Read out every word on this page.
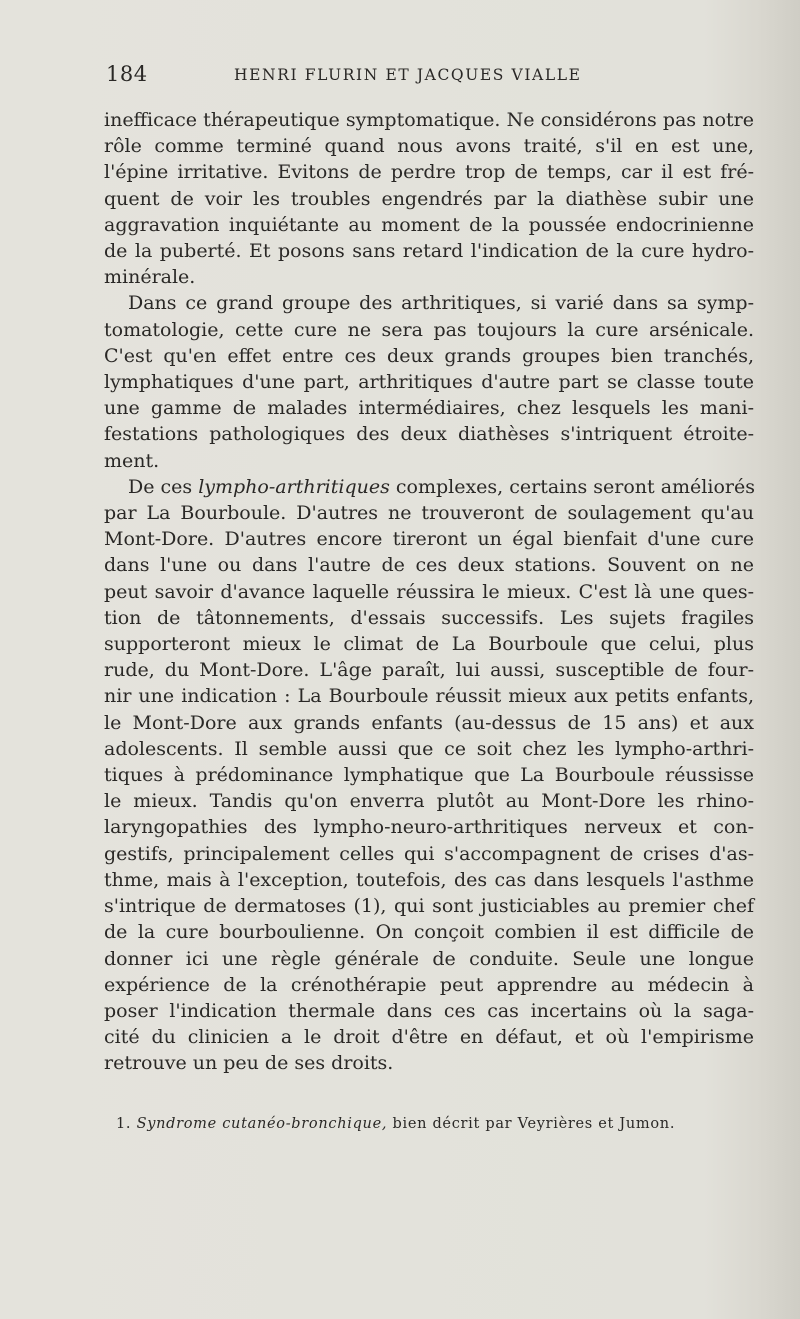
184	HENRI FLURIN ET JACQUES VIALLE

inefficace thérapeutique symptomatique. Ne considérons pas notre
rôle comme terminé quand nous avons traité, s'il en est une,
l'épine irritative. Evitons de perdre trop de temps, car il est fré-
quent de voir les troubles engendrés par la diathèse subir une
aggravation inquiétante au moment de la poussée endocrinienne
de la puberté. Et posons sans retard l'indication de la cure hydro-
minérale.

Dans ce grand groupe des arthritiques, si varié dans sa symp-
tomatologie, cette cure ne sera pas toujours la cure arsénicale.
C'est qu'en effet entre ces deux grands groupes bien tranchés,
lymphatiques d'une part, arthritiques d'autre part se classe toute
une gamme de malades intermédiaires, chez lesquels les mani-
festations pathologiques des deux diathèses s'intriquent étroite-
ment.

De ces lympho-arthritiques complexes, certains seront améliorés
par La Bourboule. D'autres ne trouveront de soulagement qu'au
Mont-Dore. D'autres encore tireront un égal bienfait d'une cure
dans l'une ou dans l'autre de ces deux stations. Souvent on ne
peut savoir d'avance laquelle réussira le mieux. C'est là une ques-
tion de tâtonnements, d'essais successifs. Les sujets fragiles
supporteront mieux le climat de La Bourboule que celui, plus
rude, du Mont-Dore. L'âge paraît, lui aussi, susceptible de four-
nir une indication : La Bourboule réussit mieux aux petits enfants,
le Mont-Dore aux grands enfants (au-dessus de 15 ans) et aux
adolescents. Il semble aussi que ce soit chez les lympho-arthri-
tiques à prédominance lymphatique que La Bourboule réussisse
le mieux. Tandis qu'on enverra plutôt au Mont-Dore les rhino-
laryngopathies des lympho-neuro-arthritiques nerveux et con-
gestifs, principalement celles qui s'accompagnent de crises d'as-
thme, mais à l'exception, toutefois, des cas dans lesquels l'asthme
s'intrique de dermatoses (1), qui sont justiciables au premier chef
de la cure bourboulienne. On conçoit combien il est difficile de
donner ici une règle générale de conduite. Seule une longue
expérience de la crénothérapie peut apprendre au médecin à
poser l'indication thermale dans ces cas incertains où la saga-
cité du clinicien a le droit d'être en défaut, et où l'empirisme
retrouve un peu de ses droits.

1. Syndrome cutanéo-bronchique, bien décrit par Veyrières et Jumon.
